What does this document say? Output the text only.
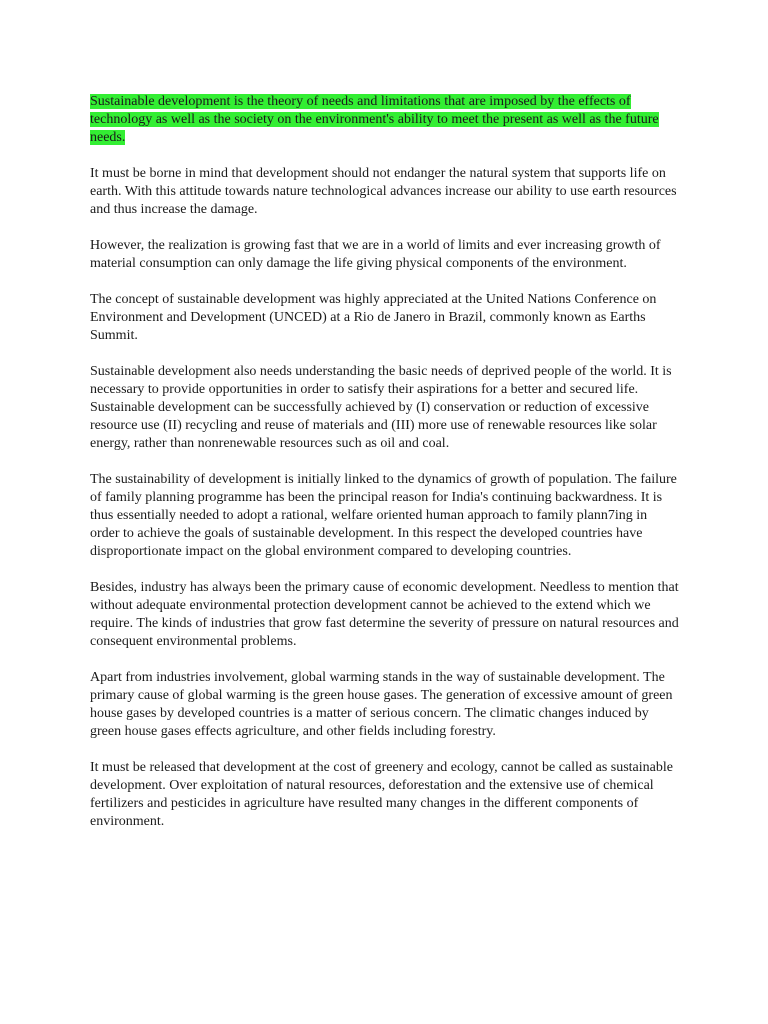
Sustainable development is the theory of needs and limitations that are imposed by the effects of technology as well as the society on the environment's ability to meet the present as well as the future needs.

It must be borne in mind that development should not endanger the natural system that supports life on earth. With this attitude towards nature technological advances increase our ability to use earth resources and thus increase the damage.

However, the realization is growing fast that we are in a world of limits and ever increasing growth of material consumption can only damage the life giving physical components of the environment.

The concept of sustainable development was highly appreciated at the United Nations Conference on Environment and Development (UNCED) at a Rio de Janero in Brazil, commonly known as Earths Summit.

Sustainable development also needs understanding the basic needs of deprived people of the world. It is necessary to provide opportunities in order to satisfy their aspirations for a better and secured life. Sustainable development can be successfully achieved by (I) conservation or reduction of excessive resource use (II) recycling and reuse of materials and (III) more use of renewable resources like solar energy, rather than nonrenewable resources such as oil and coal.

The sustainability of development is initially linked to the dynamics of growth of population. The failure of family planning programme has been the principal reason for India's continuing backwardness. It is thus essentially needed to adopt a rational, welfare oriented human approach to family plann7ing in order to achieve the goals of sustainable development. In this respect the developed countries have disproportionate impact on the global environment compared to developing countries.

Besides, industry has always been the primary cause of economic development. Needless to mention that without adequate environmental protection development cannot be achieved to the extend which we require. The kinds of industries that grow fast determine the severity of pressure on natural resources and consequent environmental problems.

Apart from industries involvement, global warming stands in the way of sustainable development. The primary cause of global warming is the green house gases. The generation of excessive amount of green house gases by developed countries is a matter of serious concern. The climatic changes induced by green house gases effects agriculture, and other fields including forestry.

It must be released that development at the cost of greenery and ecology, cannot be called as sustainable development. Over exploitation of natural resources, deforestation and the extensive use of chemical fertilizers and pesticides in agriculture have resulted many changes in the different components of environment.
